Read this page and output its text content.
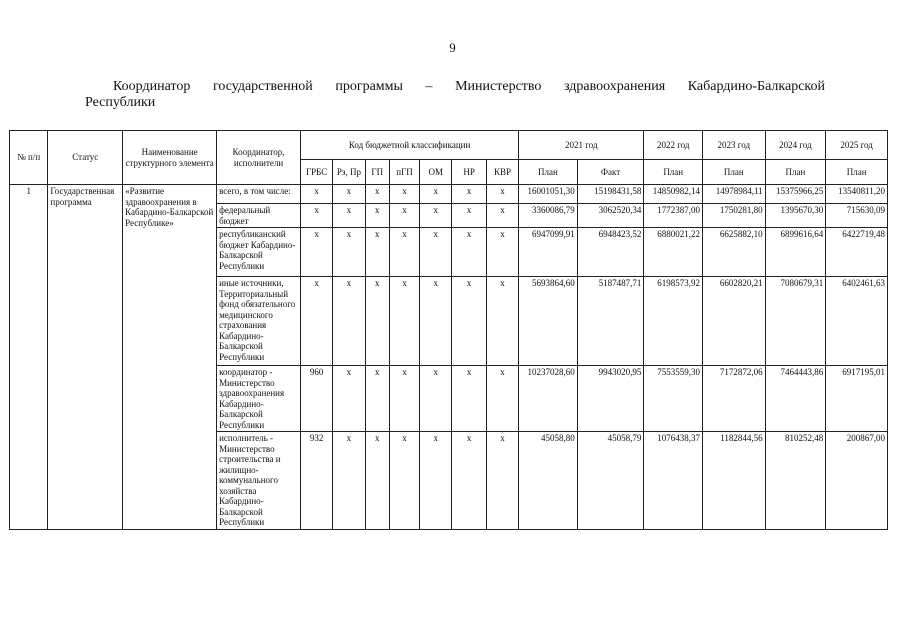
9
Координатор государственной программы – Министерство здравоохранения Кабардино-Балкарской
Республики
№ п/п	Статус	Наименование структурного элемента	Координатор, исполнители	Код бюджетной классификации							2021 год		2022 год	2023 год	2024 год	2025 год
				ГРБС	Рз, Пр	ГП	пГП	ОМ	НР	КВР	План	Факт	План	План	План	План
1	Государственная программа	«Развитие здравоохранения в Кабардино-Балкарской Республике»	всего, в том числе:	х	х	х	х	х	х	х	16001051,30	15198431,58	14850982,14	14978984,11	15375966,25	13540811,20
			федеральный бюджет	х	х	х	х	х	х	х	3360086,79	3062520,34	1772387,00	1750281,80	1395670,30	715630,09
			республиканский бюджет Кабардино-Балкарской Республики	х	х	х	х	х	х	х	6947099,91	6948423,52	6880021,22	6625882,10	6899616,64	6422719,48
			иные источники, Территориальный фонд обязательного медицинского страхования Кабардино-Балкарской Республики	х	х	х	х	х	х	х	5693864,60	5187487,71	6198573,92	6602820,21	7080679,31	6402461,63
			координатор - Министерство здравоохранения Кабардино-Балкарской Республики	960	х	х	х	х	х	х	10237028,60	9943020,95	7553559,30	7172872,06	7464443,86	6917195,01
			исполнитель - Министерство строительства и жилищно-коммунального хозяйства Кабардино-Балкарской Республики	932	х	х	х	х	х	х	45058,80	45058,79	1076438,37	1182844,56	810252,48	200867,00
